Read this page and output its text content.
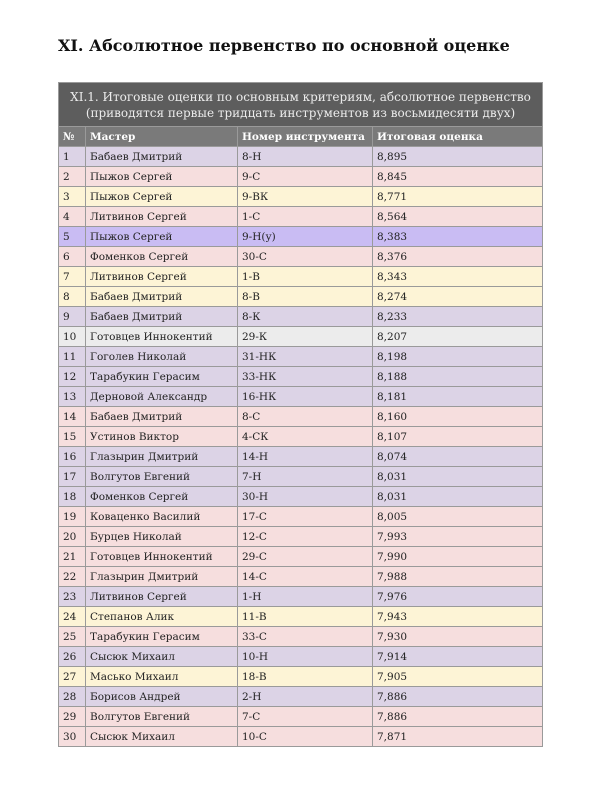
XI. Абсолютное первенство по основной оценке
XI.1. Итоговые оценки по основным критериям, абсолютное первенство
(приводятся первые тридцать инструментов из восьмидесяти двух)			

№	Мастер	Номер инструмента	Итоговая оценка
1	Бабаев Дмитрий	8-Н	8,895
2	Пыжов Сергей	9-С	8,845
3	Пыжов Сергей	9-ВК	8,771
4	Литвинов Сергей	1-С	8,564
5	Пыжов Сергей	9-Н(у)	8,383
6	Фоменков Сергей	30-С	8,376
7	Литвинов Сергей	1-В	8,343
8	Бабаев Дмитрий	8-В	8,274
9	Бабаев Дмитрий	8-К	8,233
10	Готовцев Иннокентий	29-К	8,207
11	Гоголев Николай	31-НК	8,198
12	Тарабукин Герасим	33-НК	8,188
13	Дерновой Александр	16-НК	8,181
14	Бабаев Дмитрий	8-С	8,160
15	Устинов Виктор	4-СК	8,107
16	Глазырин Дмитрий	14-Н	8,074
17	Волгутов Евгений	7-Н	8,031
18	Фоменков Сергей	30-Н	8,031
19	Коваценко Василий	17-С	8,005
20	Бурцев Николай	12-С	7,993
21	Готовцев Иннокентий	29-С	7,990
22	Глазырин Дмитрий	14-С	7,988
23	Литвинов Сергей	1-Н	7,976
24	Степанов Алик	11-В	7,943
25	Тарабукин Герасим	33-С	7,930
26	Сысюк Михаил	10-Н	7,914
27	Масько Михаил	18-В	7,905
28	Борисов Андрей	2-Н	7,886
29	Волгутов Евгений	7-С	7,886
30	Сысюк Михаил	10-С	7,871
